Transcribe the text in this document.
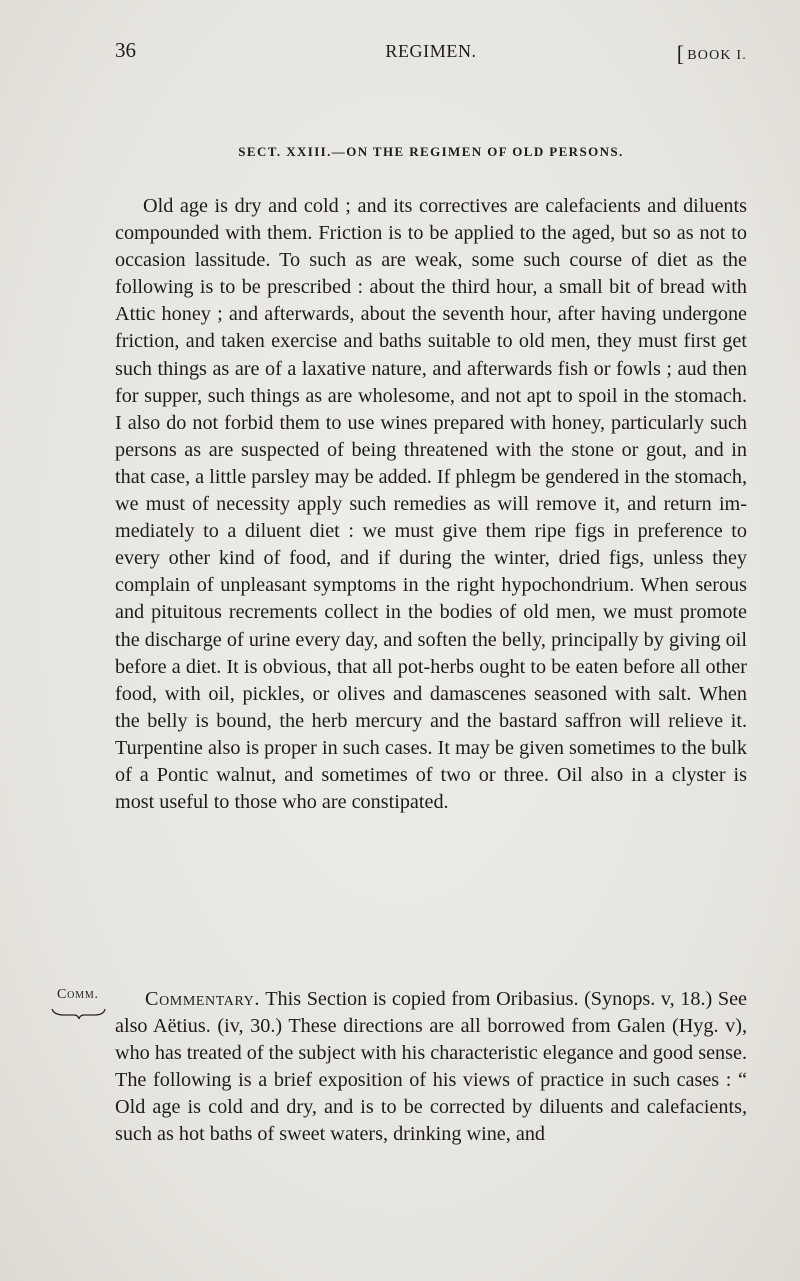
36	REGIMEN.	[ BOOK I.
SECT. XXIII.—ON THE REGIMEN OF OLD PERSONS.

Old age is dry and cold ; and its correctives are calefacients and diluents compounded with them. Friction is to be applied to the aged, but so as not to occasion lassitude. To such as are weak, some such course of diet as the following is to be prescribed : about the third hour, a small bit of bread with Attic honey ; and afterwards, about the seventh hour, after having undergone friction, and taken exercise and baths suitable to old men, they must first get such things as are of a laxative nature, and afterwards fish or fowls ; aud then for supper, such things as are wholesome, and not apt to spoil in the stomach. I also do not forbid them to use wines prepared with honey, particularly such persons as are suspected of being threatened with the stone or gout, and in that case, a little parsley may be added. If phlegm be gendered in the stomach, we must of necessity apply such remedies as will remove it, and return immediately to a diluent diet : we must give them ripe figs in preference to every other kind of food, and if during the winter, dried figs, unless they complain of unpleasant symptoms in the right hypochondrium. When serous and pituitous recrements collect in the bodies of old men, we must promote the discharge of urine every day, and soften the belly, principally by giving oil before a diet. It is obvious, that all pot-herbs ought to be eaten before all other food, with oil, pickles, or olives and damascenes seasoned with salt. When the belly is bound, the herb mercury and the bastard saffron will relieve it. Turpentine also is proper in such cases. It may be given sometimes to the bulk of a Pontic walnut, and sometimes of two or three. Oil also in a clyster is most useful to those who are constipated.

Comm.	Commentary. This Section is copied from Oribasius. (Synops. v, 18.) See also Aëtius. (iv, 30.) These directions are all borrowed from Galen (Hyg. v), who has treated of the subject with his characteristic elegance and good sense. The following is a brief exposition of his views of practice in such cases : “ Old age is cold and dry, and is to be corrected by diluents and calefacients, such as hot baths of sweet waters, drinking wine, and
